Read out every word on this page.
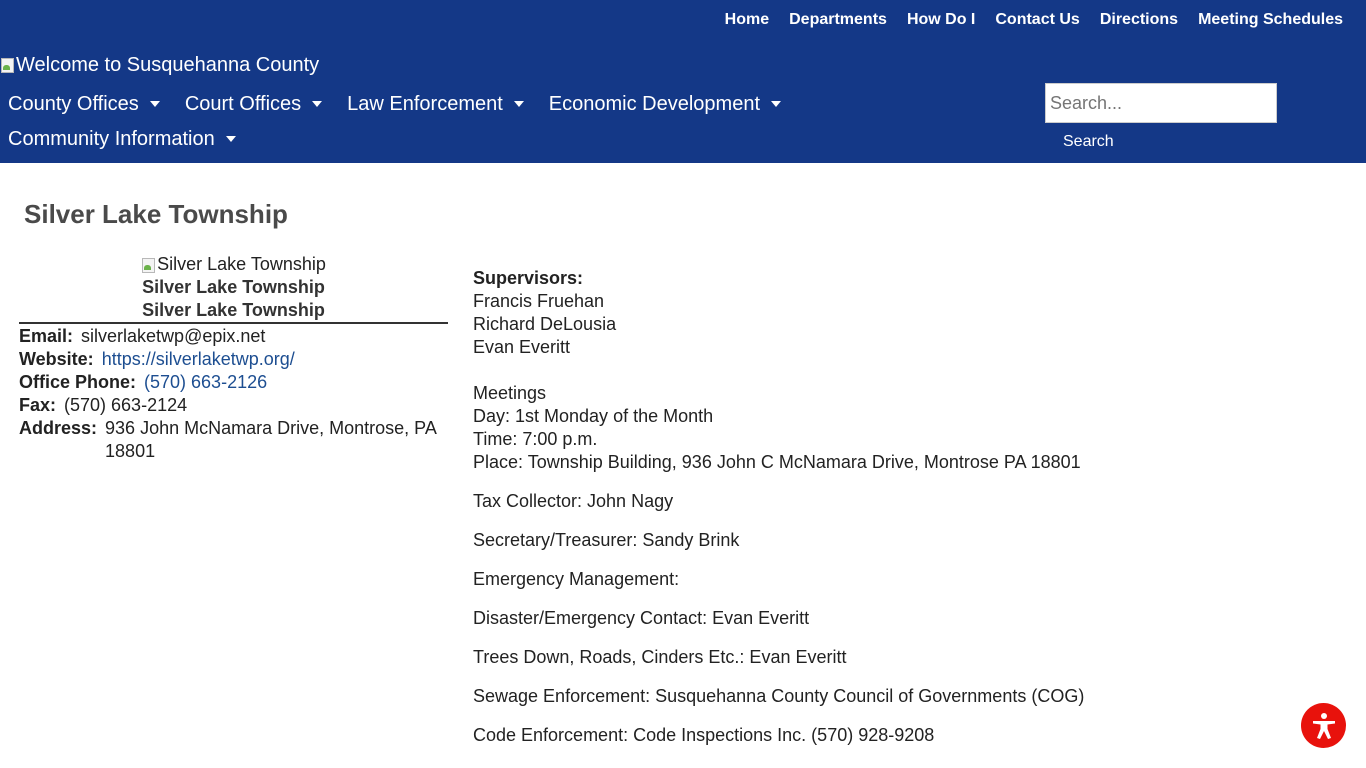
Home Departments How Do I Contact Us Directions Meeting Schedules
Welcome to Susquehanna County
County Offices Court Offices Law Enforcement Economic Development
Community Information
Search...	Search
Silver Lake Township
Silver Lake Township
Silver Lake Township
Silver Lake Township
Email: silverlaketwp@epix.net
Website: https://silverlaketwp.org/
Office Phone: (570) 663-2126
Fax: (570) 663-2124
Address: 936 John McNamara Drive, Montrose, PA
18801

Supervisors:
Francis Fruehan
Richard DeLousia
Evan Everitt

Meetings
Day: 1st Monday of the Month
Time: 7:00 p.m.
Place: Township Building, 936 John C McNamara Drive, Montrose PA 18801

Tax Collector: John Nagy

Secretary/Treasurer: Sandy Brink

Emergency Management:

Disaster/Emergency Contact: Evan Everitt

Trees Down, Roads, Cinders Etc.: Evan Everitt

Sewage Enforcement: Susquehanna County Council of Governments (COG)

Code Enforcement: Code Inspections Inc. (570) 928-9208
